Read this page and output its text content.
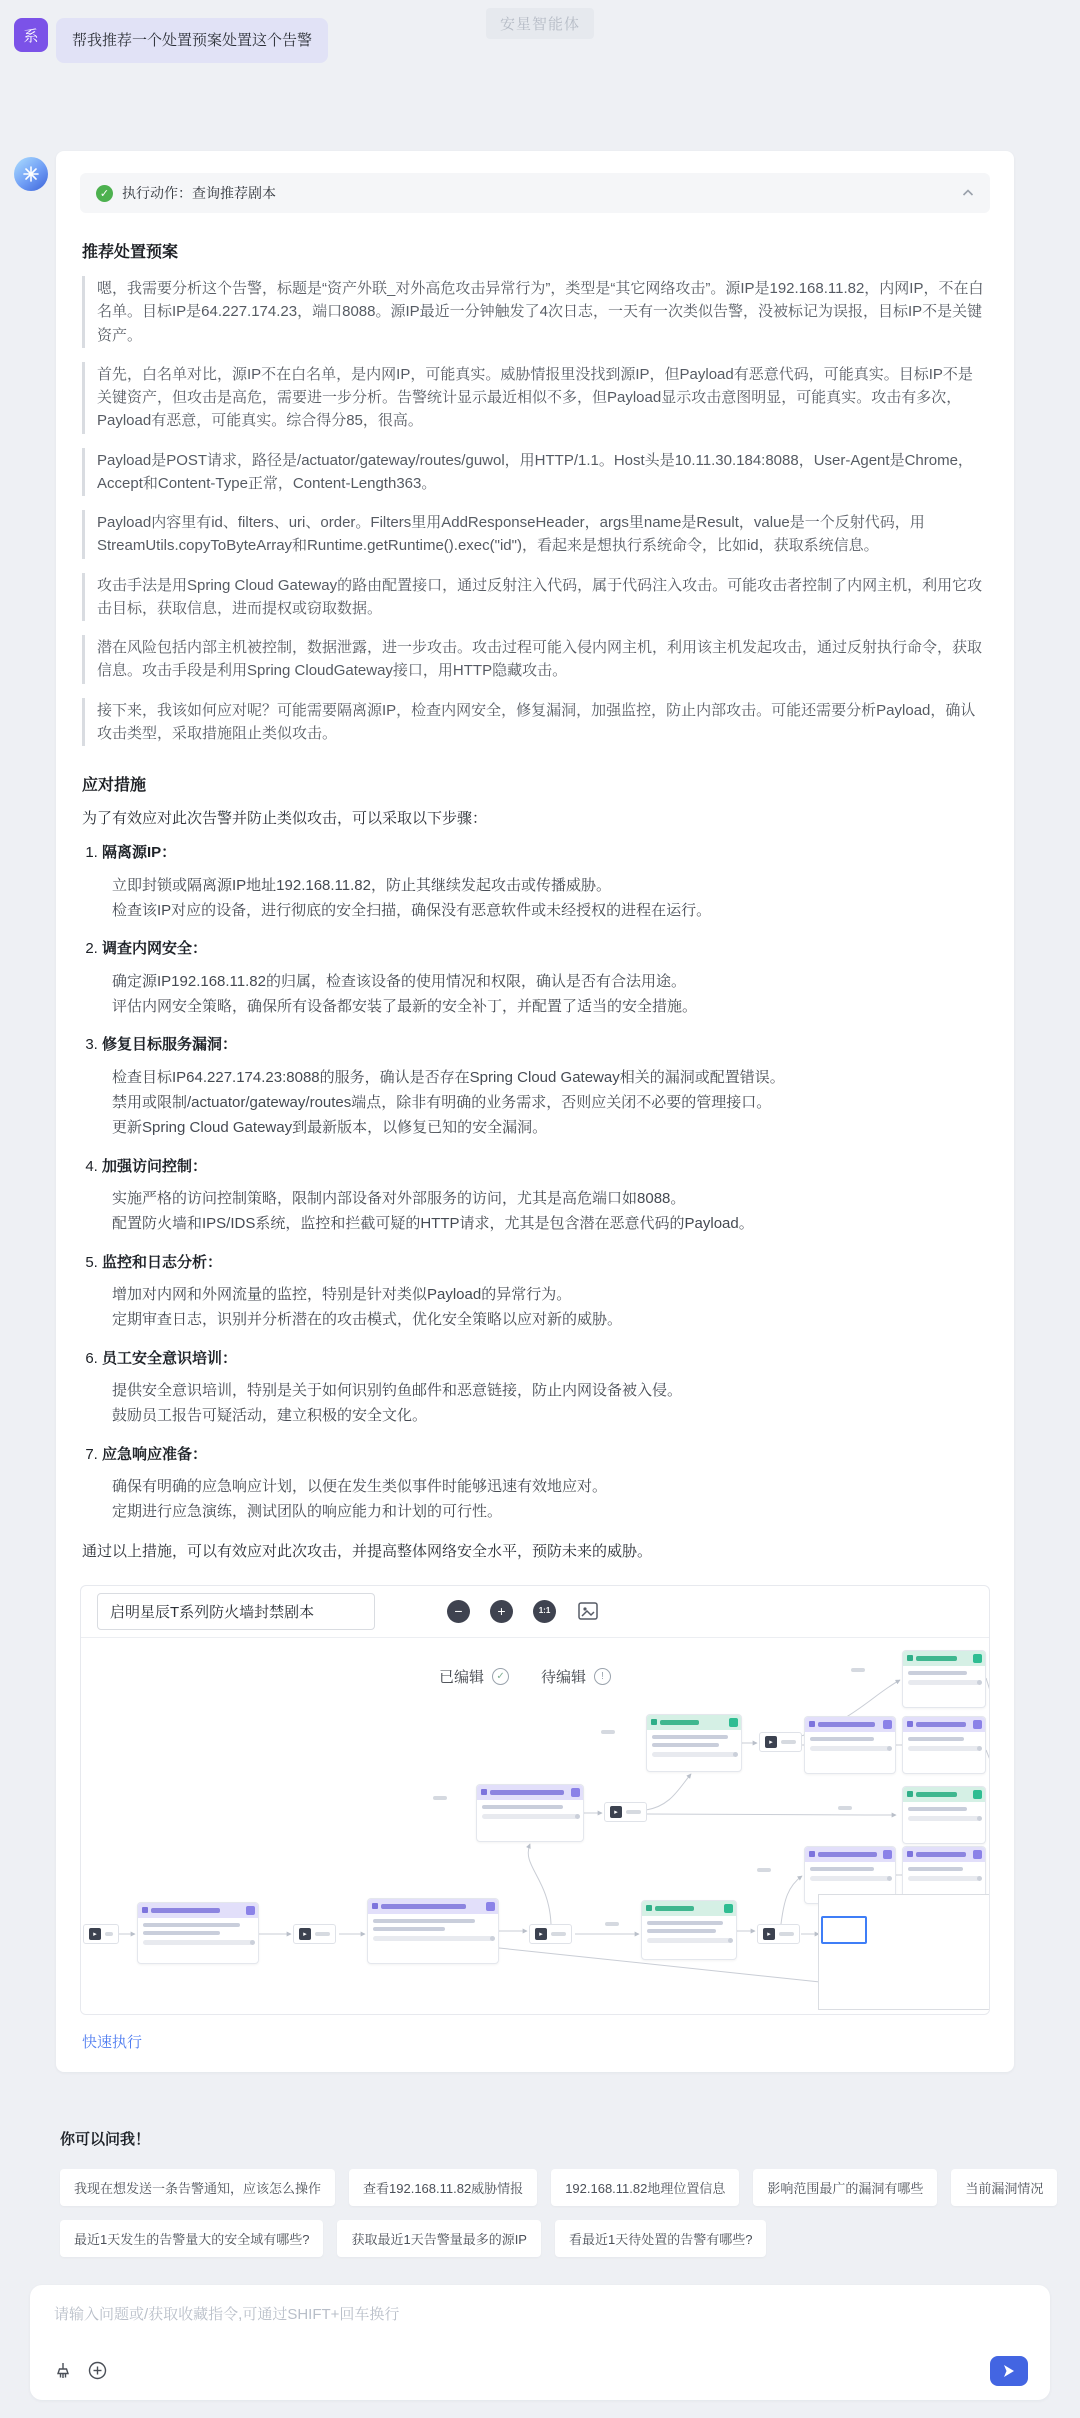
安星智能体
系	帮我推荐一个处置预案处置这个告警
✓ 执行动作：查询推荐剧本
推荐处置预案
嗯，我需要分析这个告警，标题是“资产外联_对外高危攻击异常行为”，类型是“其它网络攻击”。源IP是192.168.11.82，内网IP，不在白名单。目标IP是64.227.174.23，端口8088。源IP最近一分钟触发了4次日志，一天有一次类似告警，没被标记为误报，目标IP不是关键资产。
首先，白名单对比，源IP不在白名单，是内网IP，可能真实。威胁情报里没找到源IP，但Payload有恶意代码，可能真实。目标IP不是关键资产，但攻击是高危，需要进一步分析。告警统计显示最近相似不多，但Payload显示攻击意图明显，可能真实。攻击有多次，Payload有恶意，可能真实。综合得分85，很高。
Payload是POST请求，路径是/actuator/gateway/routes/guwol，用HTTP/1.1。Host头是10.11.30.184:8088，User-Agent是Chrome，Accept和Content-Type正常，Content-Length363。
Payload内容里有id、filters、uri、order。Filters里用AddResponseHeader，args里name是Result，value是一个反射代码，用StreamUtils.copyToByteArray和Runtime.getRuntime().exec("id")，看起来是想执行系统命令，比如id，获取系统信息。
攻击手法是用Spring Cloud Gateway的路由配置接口，通过反射注入代码，属于代码注入攻击。可能攻击者控制了内网主机，利用它攻击目标，获取信息，进而提权或窃取数据。
潜在风险包括内部主机被控制，数据泄露，进一步攻击。攻击过程可能入侵内网主机，利用该主机发起攻击，通过反射执行命令，获取信息。攻击手段是利用Spring CloudGateway接口，用HTTP隐藏攻击。
接下来，我该如何应对呢？可能需要隔离源IP，检查内网安全，修复漏洞，加强监控，防止内部攻击。可能还需要分析Payload，确认攻击类型，采取措施阻止类似攻击。
应对措施

为了有效应对此次告警并防止类似攻击，可以采取以下步骤：

1. 隔离源IP：
立即封锁或隔离源IP地址192.168.11.82，防止其继续发起攻击或传播威胁。
检查该IP对应的设备，进行彻底的安全扫描，确保没有恶意软件或未经授权的进程在运行。
2. 调查内网安全：
确定源IP192.168.11.82的归属，检查该设备的使用情况和权限，确认是否有合法用途。
评估内网安全策略，确保所有设备都安装了最新的安全补丁，并配置了适当的安全措施。
3. 修复目标服务漏洞：
检查目标IP64.227.174.23:8088的服务，确认是否存在Spring Cloud Gateway相关的漏洞或配置错误。
禁用或限制/actuator/gateway/routes端点，除非有明确的业务需求，否则应关闭不必要的管理接口。
更新Spring Cloud Gateway到最新版本，以修复已知的安全漏洞。
4. 加强访问控制：
实施严格的访问控制策略，限制内部设备对外部服务的访问，尤其是高危端口如8088。
配置防火墙和IPS/IDS系统，监控和拦截可疑的HTTP请求，尤其是包含潜在恶意代码的Payload。
5. 监控和日志分析：
增加对内网和外网流量的监控，特别是针对类似Payload的异常行为。
定期审查日志，识别并分析潜在的攻击模式，优化安全策略以应对新的威胁。
6. 员工安全意识培训：
提供安全意识培训，特别是关于如何识别钓鱼邮件和恶意链接，防止内网设备被入侵。
鼓励员工报告可疑活动，建立积极的安全文化。
7. 应急响应准备：
确保有明确的应急响应计划，以便在发生类似事件时能够迅速有效地应对。
定期进行应急演练，测试团队的响应能力和计划的可行性。

通过以上措施，可以有效应对此次攻击，并提高整体网络安全水平，预防未来的威胁。

启明星辰T系列防火墙封禁剧本	−	+	1:1
已编辑	✓ 待编辑	!
▸	▸	▸	▸
▸
▸
快速执行
你可以问我！
我现在想发送一条告警通知，应该怎么操作	查看192.168.11.82威胁情报	192.168.11.82地理位置信息	影响范围最广的漏洞有哪些	当前漏洞情况
最近1天发生的告警量大的安全域有哪些?	获取最近1天告警量最多的源IP	看最近1天待处置的告警有哪些?
请输入问题或/获取收藏指令,可通过SHIFT+回车换行
